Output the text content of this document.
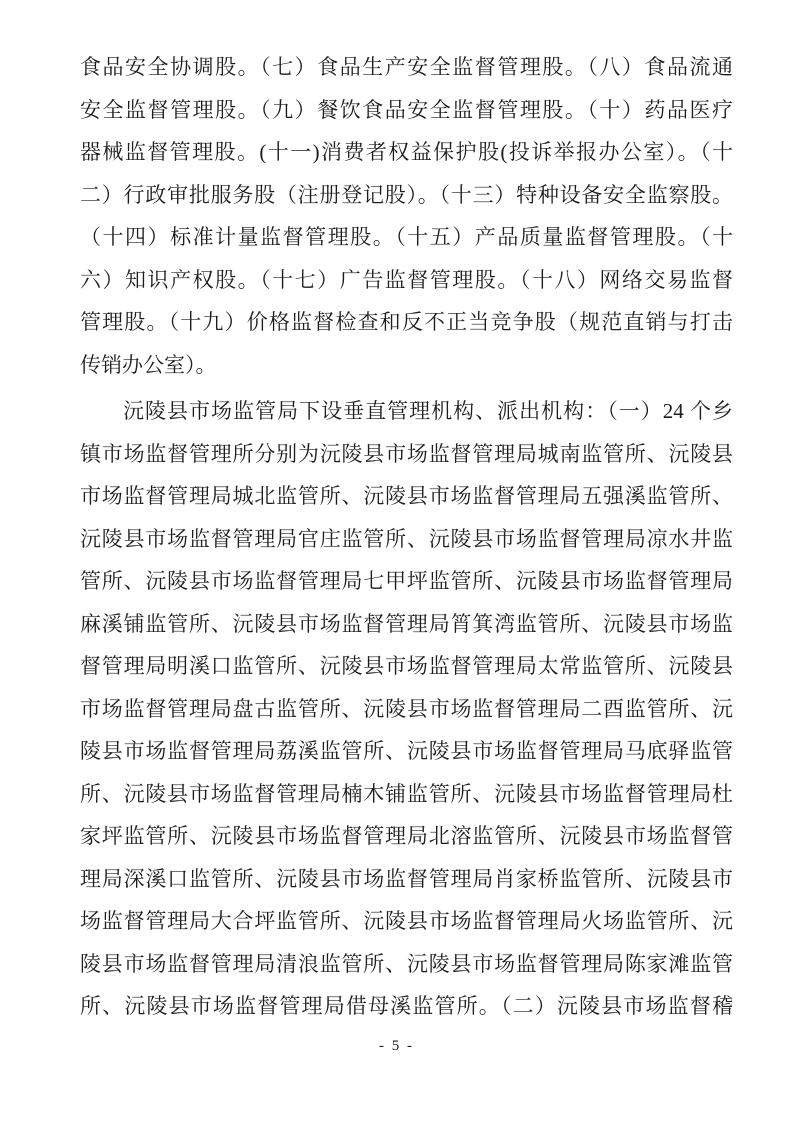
食品安全协调股。（七）食品生产安全监督管理股。（八）食品流通
安全监督管理股。（九）餐饮食品安全监督管理股。（十）药品医疗
器械监督管理股。(十一)消费者权益保护股(投诉举报办公室）。（十
二）行政审批服务股（注册登记股）。（十三）特种设备安全监察股。
（十四）标准计量监督管理股。（十五）产品质量监督管理股。（十
六）知识产权股。（十七）广告监督管理股。（十八）网络交易监督
管理股。（十九）价格监督检查和反不正当竞争股（规范直销与打击
传销办公室）。
沅陵县市场监管局下设垂直管理机构、派出机构：（一）24 个乡
镇市场监督管理所分别为沅陵县市场监督管理局城南监管所、沅陵县
市场监督管理局城北监管所、沅陵县市场监督管理局五强溪监管所、
沅陵县市场监督管理局官庄监管所、沅陵县市场监督管理局凉水井监
管所、沅陵县市场监督管理局七甲坪监管所、沅陵县市场监督管理局
麻溪铺监管所、沅陵县市场监督管理局筲箕湾监管所、沅陵县市场监
督管理局明溪口监管所、沅陵县市场监督管理局太常监管所、沅陵县
市场监督管理局盘古监管所、沅陵县市场监督管理局二酉监管所、沅
陵县市场监督管理局荔溪监管所、沅陵县市场监督管理局马底驿监管
所、沅陵县市场监督管理局楠木铺监管所、沅陵县市场监督管理局杜
家坪监管所、沅陵县市场监督管理局北溶监管所、沅陵县市场监督管
理局深溪口监管所、沅陵县市场监督管理局肖家桥监管所、沅陵县市
场监督管理局大合坪监管所、沅陵县市场监督管理局火场监管所、沅
陵县市场监督管理局清浪监管所、沅陵县市场监督管理局陈家滩监管
所、沅陵县市场监督管理局借母溪监管所。（二）沅陵县市场监督稽
- 5 -
